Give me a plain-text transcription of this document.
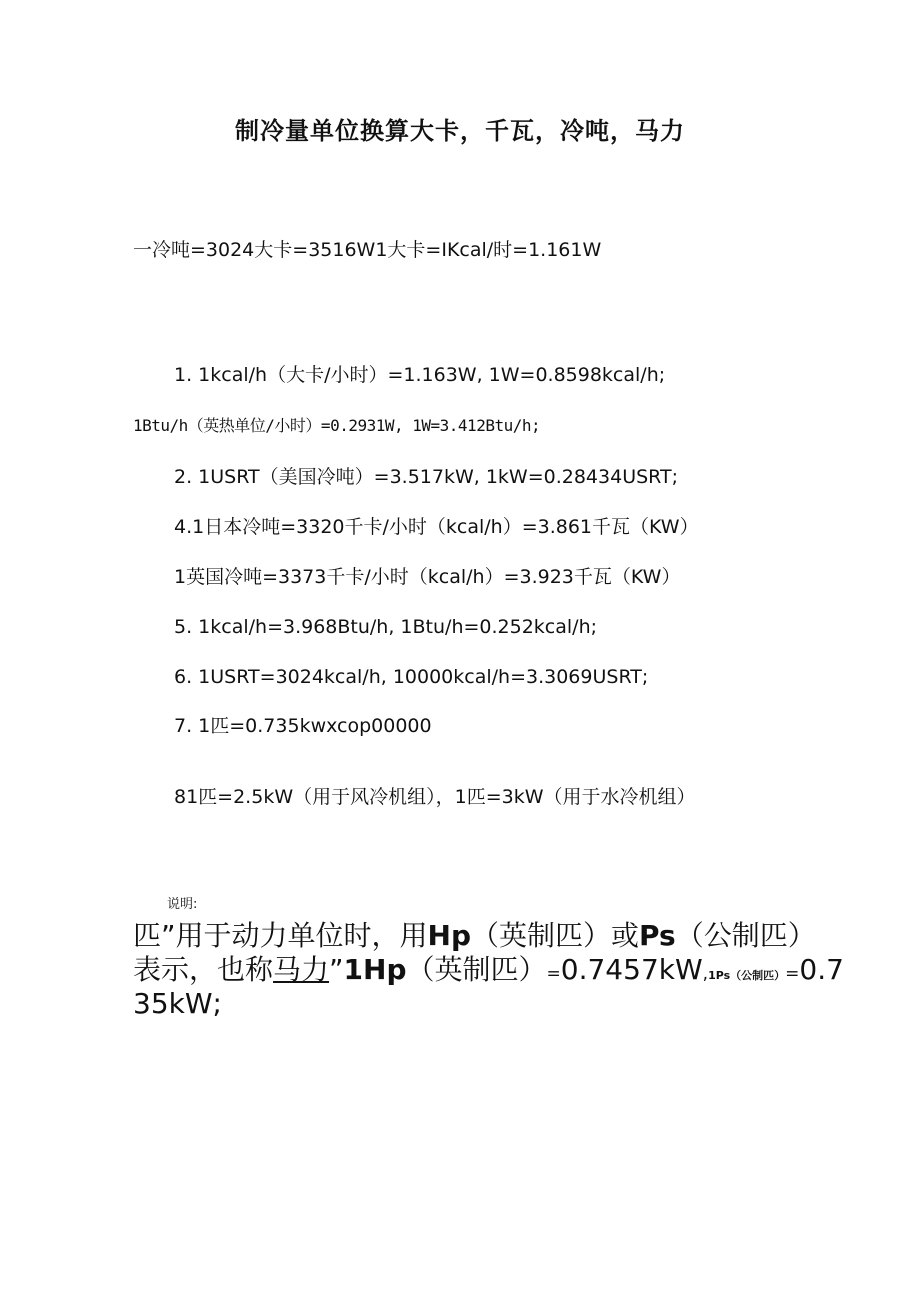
制冷量单位换算大卡，千瓦，冷吨，马力
一冷吨=3024大卡=3516W1大卡=IKcal/时=1.161W
1. 1kcal/h（大卡/小时）=1.163W, 1W=0.8598kcal/h;
1Btu/h（英热单位/小时）=0.2931W, 1W=3.412Btu/h;
2. 1USRT（美国冷吨）=3.517kW, 1kW=0.28434USRT;
4.1日本冷吨=3320千卡/小时（kcal/h）=3.861千瓦（KW）
1英国冷吨=3373千卡/小时（kcal/h）=3.923千瓦（KW）
5. 1kcal/h=3.968Btu/h, 1Btu/h=0.252kcal/h;
6. 1USRT=3024kcal/h, 10000kcal/h=3.3069USRT;
7. 1匹=0.735kwxcop00000
81匹=2.5kW（用于风冷机组），1匹=3kW（用于水冷机组）
说明:
匹”用于动力单位时，用Hp（英制匹）或Ps（公制匹）
表示，也称马力”1Hp（英制匹）=0.7457kW,1Ps（公制匹）=0.7
35kW;
